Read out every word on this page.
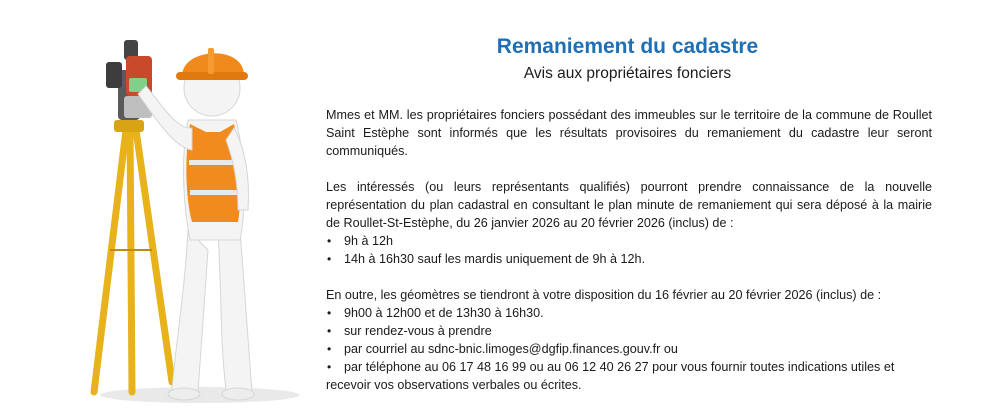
Remaniement du cadastre
Avis aux propriétaires fonciers

Mmes et MM. les propriétaires fonciers possédant des immeubles sur le territoire de la commune de Roullet Saint Estèphe sont informés que les résultats provisoires du remaniement du cadastre leur seront communiqués.

Les intéressés (ou leurs représentants qualifiés) pourront prendre connaissance de la nouvelle représentation du plan cadastral en consultant le plan minute de remaniement qui sera déposé à la mairie de Roullet-St-Estèphe, du 26 janvier 2026 au 20 février 2026 (inclus) de :

• 9h à 12h
• 14h à 16h30 sauf les mardis uniquement de 9h à 12h.

En outre, les géomètres se tiendront à votre disposition du 16 février au 20 février 2026 (inclus) de :

• 9h00 à 12h00 et de 13h30 à 16h30.
• sur rendez-vous à prendre
• par courriel au sdnc-bnic.limoges@dgfip.finances.gouv.fr ou
• par téléphone au 06 17 48 16 99 ou au 06 12 40 26 27 pour vous fournir toutes indications utiles et

recevoir vos observations verbales ou écrites.
